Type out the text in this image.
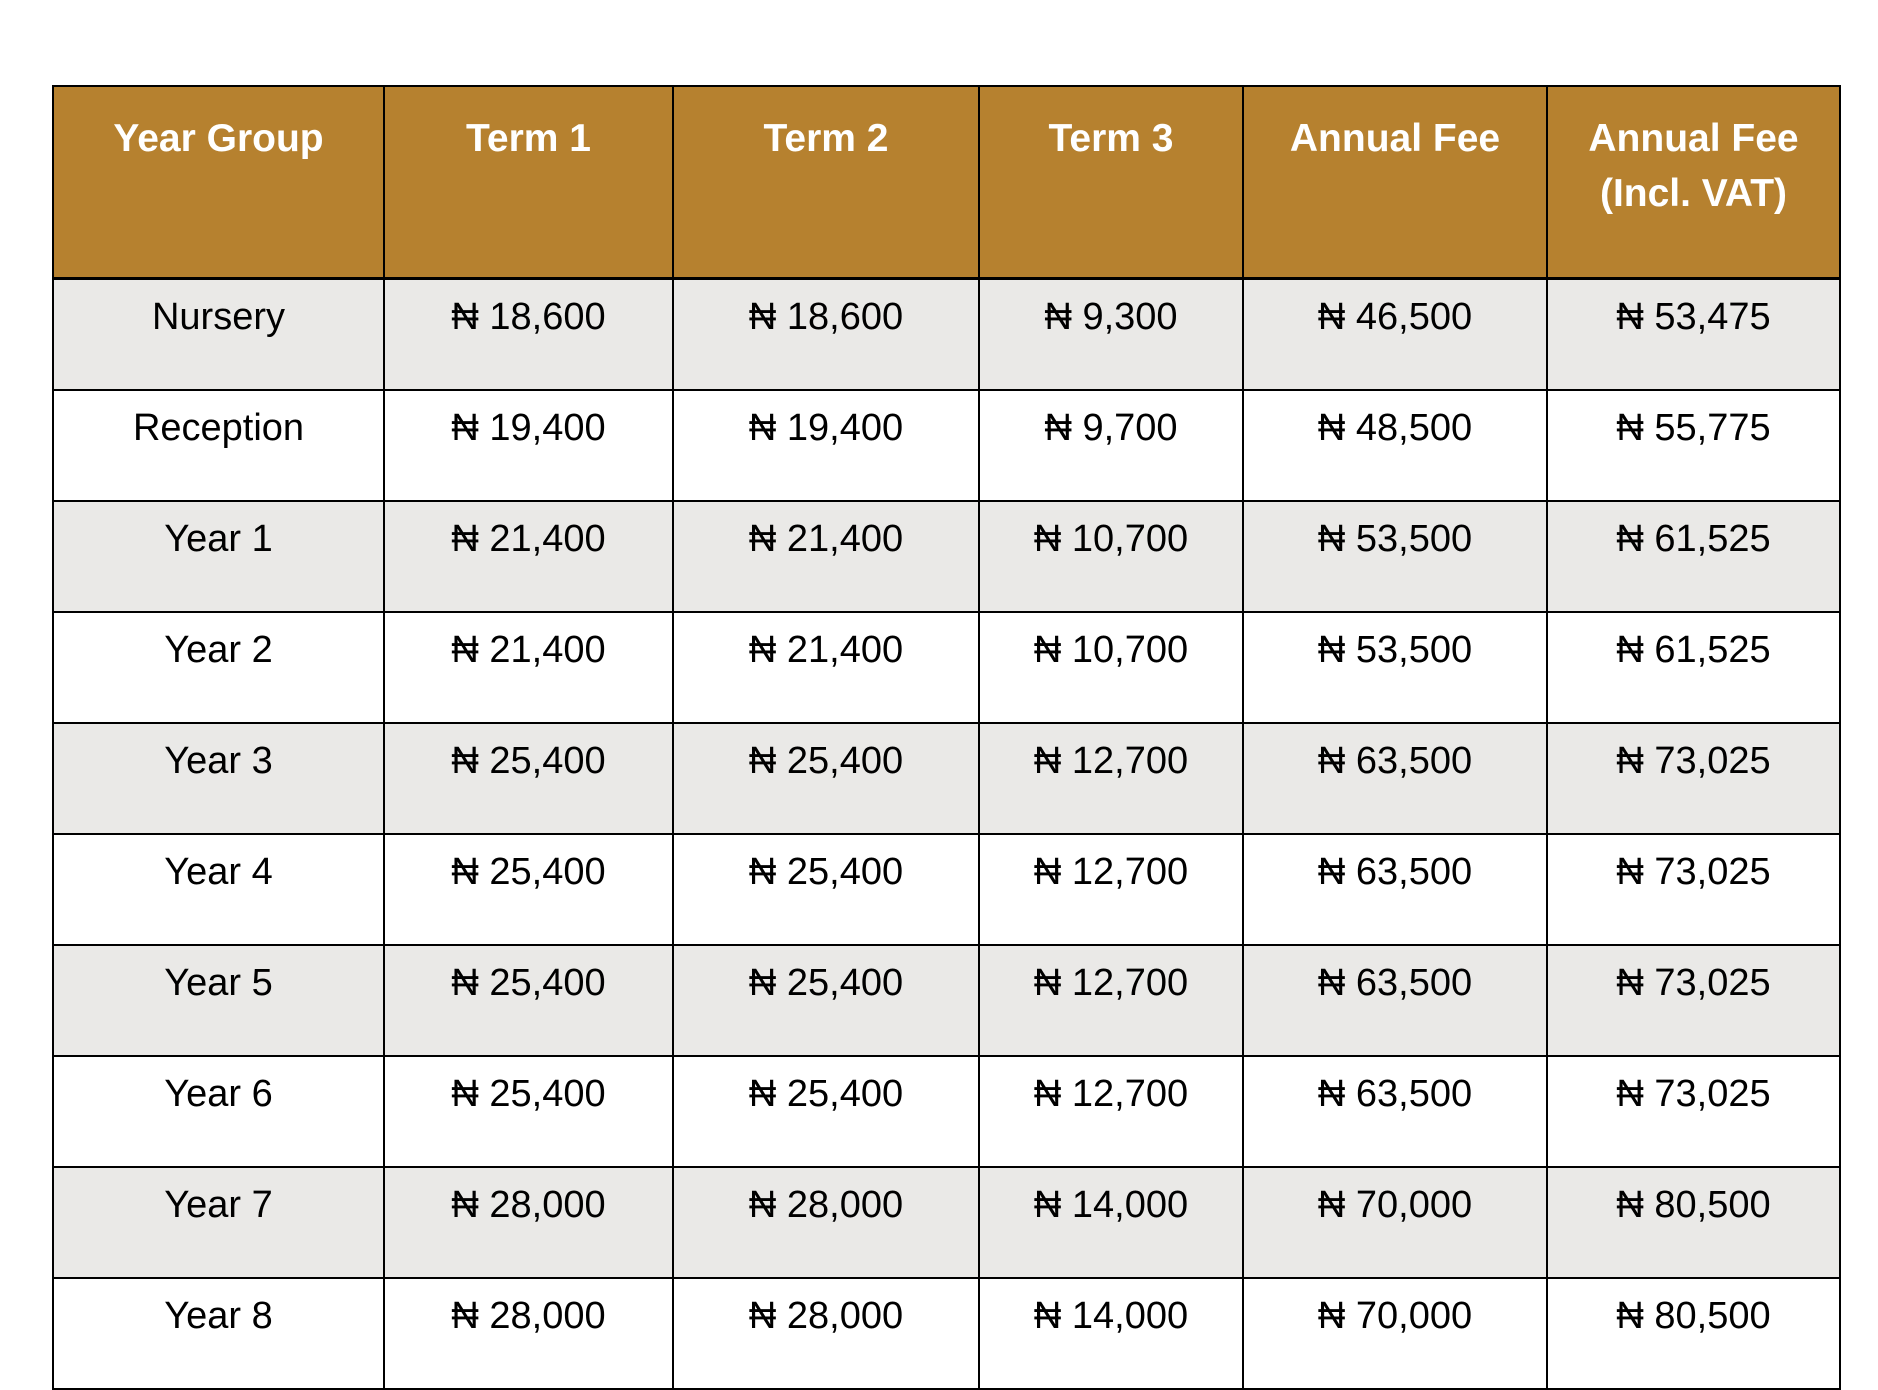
Year Group	Term 1	Term 2	Term 3	Annual Fee	Annual Fee
(Incl. VAT)

Nursery	₦ 18,600	₦ 18,600	₦ 9,300	₦ 46,500	₦ 53,475
Reception	₦ 19,400	₦ 19,400	₦ 9,700	₦ 48,500	₦ 55,775
Year 1	₦ 21,400	₦ 21,400	₦ 10,700	₦ 53,500	₦ 61,525
Year 2	₦ 21,400	₦ 21,400	₦ 10,700	₦ 53,500	₦ 61,525
Year 3	₦ 25,400	₦ 25,400	₦ 12,700	₦ 63,500	₦ 73,025
Year 4	₦ 25,400	₦ 25,400	₦ 12,700	₦ 63,500	₦ 73,025
Year 5	₦ 25,400	₦ 25,400	₦ 12,700	₦ 63,500	₦ 73,025
Year 6	₦ 25,400	₦ 25,400	₦ 12,700	₦ 63,500	₦ 73,025
Year 7	₦ 28,000	₦ 28,000	₦ 14,000	₦ 70,000	₦ 80,500
Year 8	₦ 28,000	₦ 28,000	₦ 14,000	₦ 70,000	₦ 80,500
